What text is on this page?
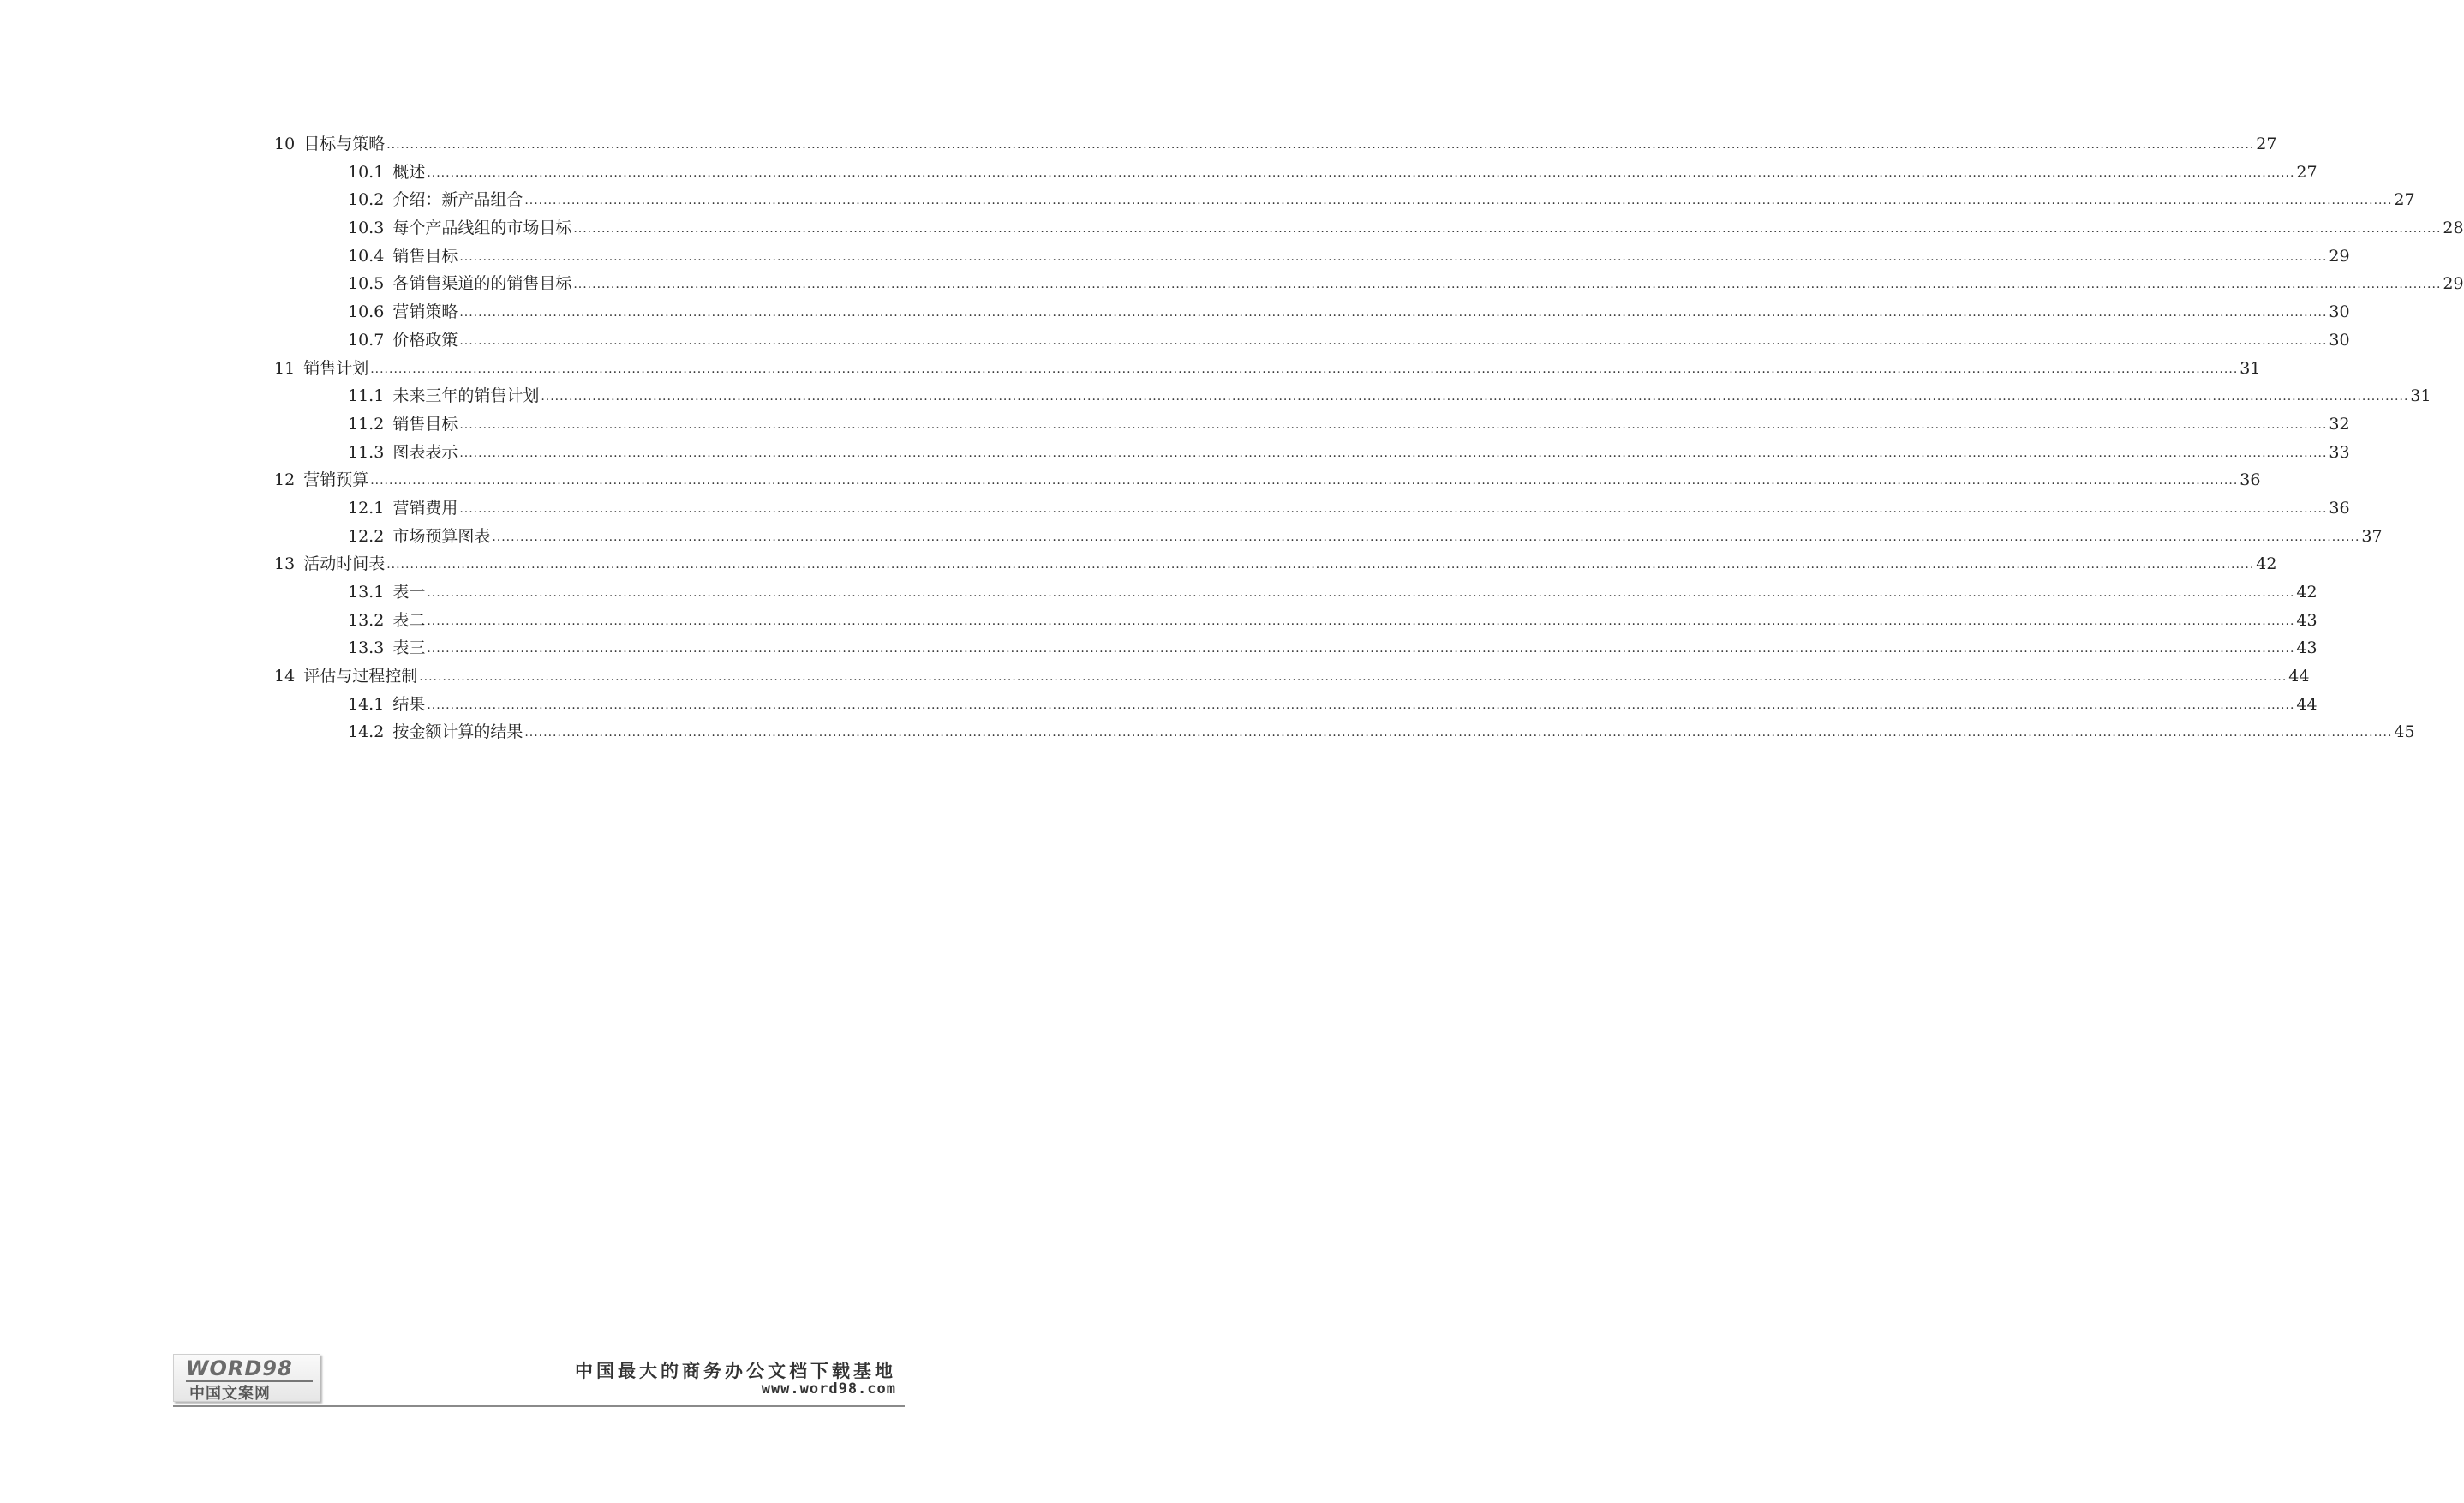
10 目标与策略 ................................................................................................................................................................................................................................................................................................................................................................................................................ 27
10.1 概述 ................................................................................................................................................................................................................................................................................................................................................................................................................ 27
10.2 介绍：新产品组合 ................................................................................................................................................................................................................................................................................................................................................................................................................ 27
10.3 每个产品线组的市场目标 ................................................................................................................................................................................................................................................................................................................................................................................................................ 28
10.4 销售目标 ................................................................................................................................................................................................................................................................................................................................................................................................................ 29
10.5 各销售渠道的的销售目标 ................................................................................................................................................................................................................................................................................................................................................................................................................ 29
10.6 营销策略 ................................................................................................................................................................................................................................................................................................................................................................................................................ 30
10.7 价格政策 ................................................................................................................................................................................................................................................................................................................................................................................................................ 30
11 销售计划 ................................................................................................................................................................................................................................................................................................................................................................................................................ 31
11.1 未来三年的销售计划 ................................................................................................................................................................................................................................................................................................................................................................................................................ 31
11.2 销售目标 ................................................................................................................................................................................................................................................................................................................................................................................................................ 32
11.3 图表表示 ................................................................................................................................................................................................................................................................................................................................................................................................................ 33
12 营销预算 ................................................................................................................................................................................................................................................................................................................................................................................................................ 36
12.1 营销费用 ................................................................................................................................................................................................................................................................................................................................................................................................................ 36
12.2 市场预算图表 ................................................................................................................................................................................................................................................................................................................................................................................................................ 37
13 活动时间表 ................................................................................................................................................................................................................................................................................................................................................................................................................ 42
13.1 表一 ................................................................................................................................................................................................................................................................................................................................................................................................................ 42
13.2 表二 ................................................................................................................................................................................................................................................................................................................................................................................................................ 43
13.3 表三 ................................................................................................................................................................................................................................................................................................................................................................................................................ 43
14 评估与过程控制 ................................................................................................................................................................................................................................................................................................................................................................................................................ 44
14.1 结果 ................................................................................................................................................................................................................................................................................................................................................................................................................ 44
14.2 按金额计算的结果 ................................................................................................................................................................................................................................................................................................................................................................................................................ 45
WORD98
中国文案网
中国最大的商务办公文档下载基地
www.word98.com
